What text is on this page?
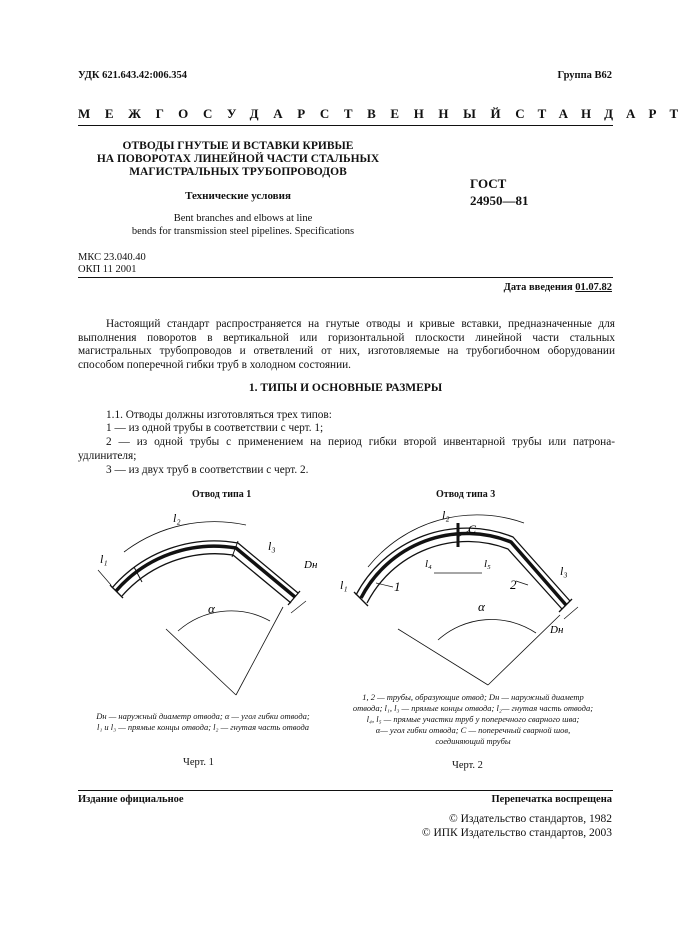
УДК 621.643.42:006.354	Группа В62
МЕЖГОСУДАРСТВЕННЫЙ СТАНДАРТ
ОТВОДЫ ГНУТЫЕ И ВСТАВКИ КРИВЫЕ
НА ПОВОРОТАХ ЛИНЕЙНОЙ ЧАСТИ СТАЛЬНЫХ
МАГИСТРАЛЬНЫХ ТРУБОПРОВОДОВ
ГОСТ
24950—81
Технические условия
Bent branches and elbows at line
bends for transmission steel pipelines. Specifications
МКС 23.040.40
ОКП 11 2001
Дата введения 01.07.82
Настоящий стандарт распространяется на гнутые отводы и кривые вставки, предназначенные для выполнения поворотов в вертикальной или горизонтальной плоскости линейной части стальных магистральных трубопроводов и ответвлений от них, изготовляемые на трубогибочном оборудовании способом поперечной гибки труб в холодном состоянии.
1. ТИПЫ И ОСНОВНЫЕ РАЗМЕРЫ
1.1. Отводы должны изготовляться трех типов:
1 — из одной трубы в соответствии с черт. 1;
2 — из одной трубы с применением на период гибки второй инвентарной трубы или патрона-удлинителя;
3 — из двух труб в соответствии с черт. 2.
Отвод типа 1
l₁
l₂
l₃
Dн
α
Dн — наружный диаметр отвода; α — угол гибки отвода;
l₁ и l₃ — прямые концы отвода; l₂ — гнутая часть отвода
Черт. 1
Отвод типа 3
l₁
l₂
C
l₄	l₅
1	2
l₃
Dн
α
1, 2 — трубы, образующие отвод; Dн — наружный диаметр
отвода; l₁, l₃ — прямые концы отвода; l₂— гнутая часть отвода;
l₄, l₅ — прямые участки труб у поперечного сварного шва;
α— угол гибки отвода; C — поперечный сварной шов,
соединяющий трубы
Черт. 2
Издание официальное	Перепечатка воспрещена
© Издательство стандартов, 1982
© ИПК Издательство стандартов, 2003
